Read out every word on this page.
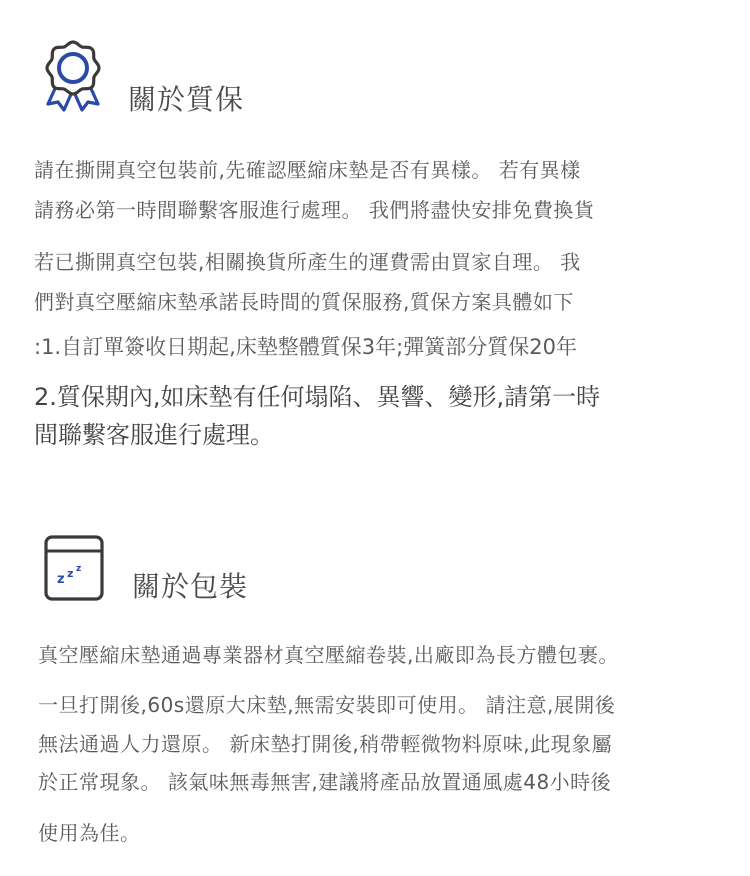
關於質保
請在撕開真空包裝前,先確認壓縮床墊是否有異樣。 若有異樣
請務必第一時間聯繫客服進行處理。 我們將盡快安排免費換貨
若已撕開真空包裝,相關換貨所產生的運費需由買家自理。 我
們對真空壓縮床墊承諾長時間的質保服務,質保方案具體如下
:1.自訂單簽收日期起,床墊整體質保3年;彈簧部分質保20年
2.質保期內,如床墊有任何塌陷、異響、變形,請第一時
間聯繫客服進行處理。
z z z
關於包裝
真空壓縮床墊通過專業器材真空壓縮卷裝,出廠即為長方體包裹。
一旦打開後,60s還原大床墊,無需安裝即可使用。 請注意,展開後
無法通過人力還原。 新床墊打開後,稍帶輕微物料原味,此現象屬
於正常現象。 該氣味無毒無害,建議將產品放置通風處48小時後
使用為佳。
